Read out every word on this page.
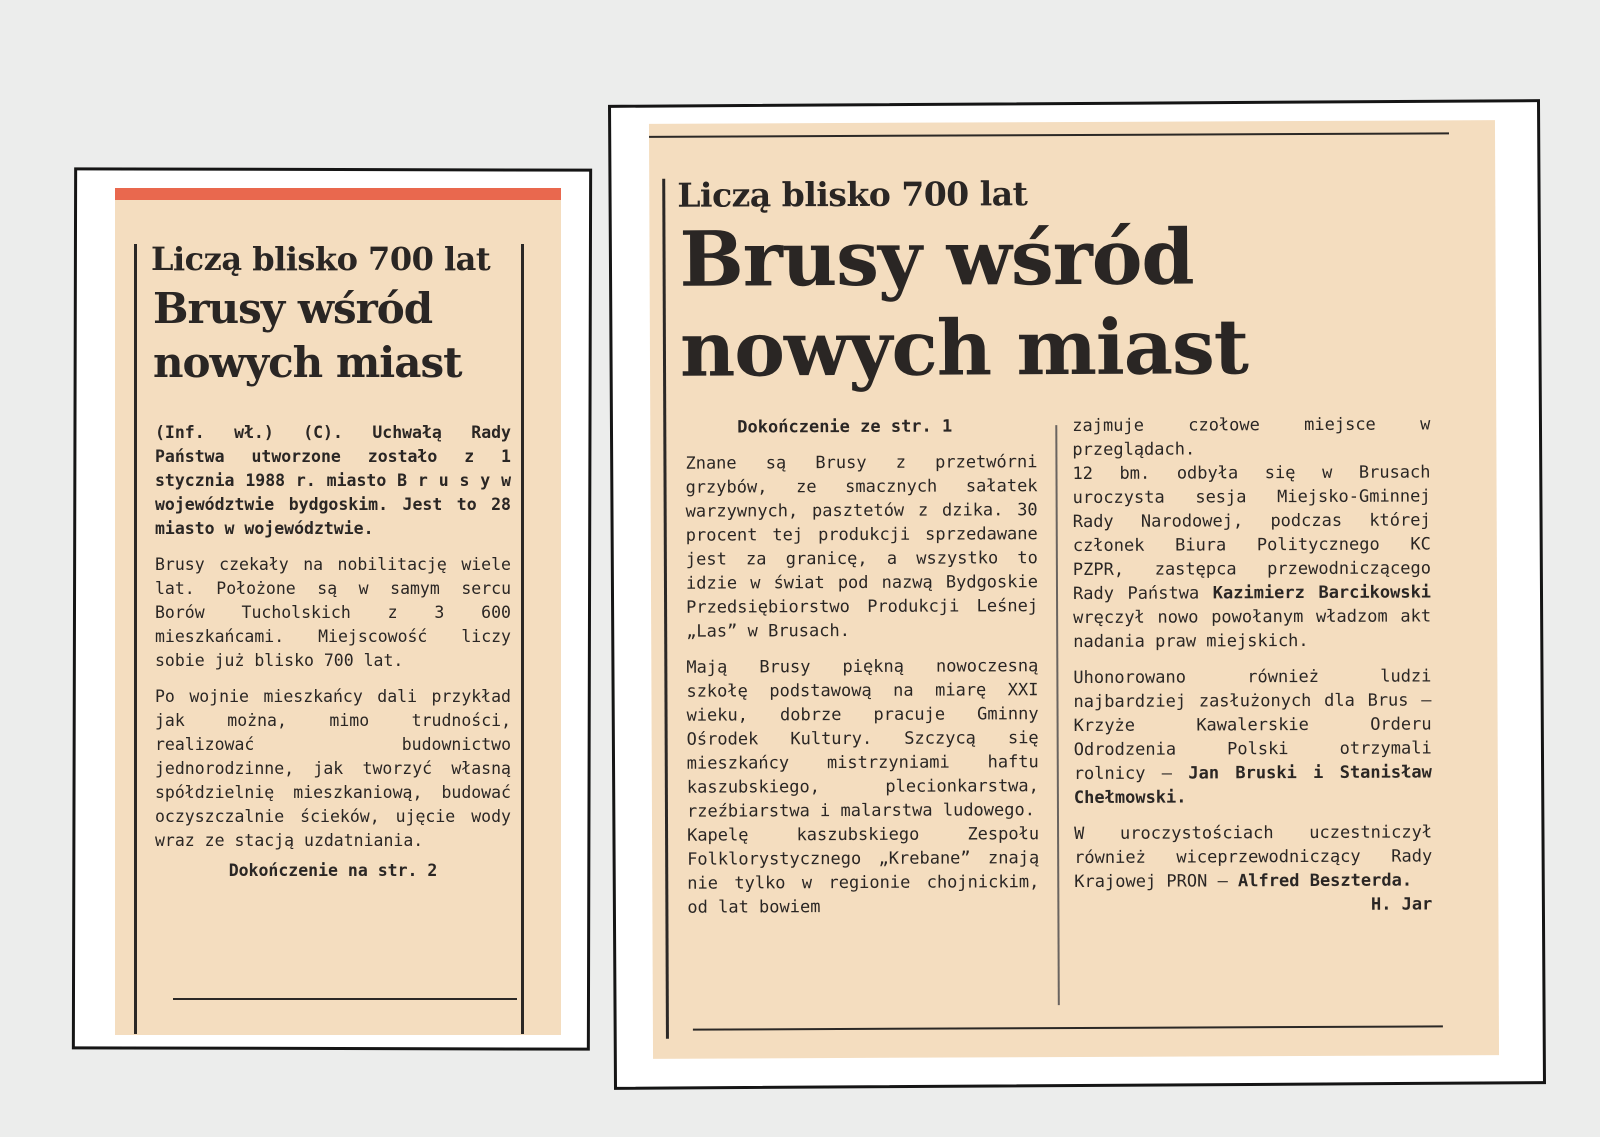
Liczą blisko 700 lat
Brusy wśród
nowych miast

(Inf. wł.) (C). Uchwałą Rady Państwa utworzone zostało z 1 stycznia 1988 r. miasto B r u s y w województwie bydgoskim. Jest to 28 miasto w województwie.

Brusy czekały na nobilitację wiele lat. Położone są w samym sercu Borów Tucholskich z 3 600 mieszkańcami. Miejscowość liczy sobie już blisko 700 lat.

Po wojnie mieszkańcy dali przykład jak można, mimo trudności, realizować budownictwo jednorodzinne, jak tworzyć własną spółdzielnię mieszkaniową, budować oczyszczalnie ścieków, ujęcie wody wraz ze stacją uzdatniania.

Dokończenie na str. 2

Liczą blisko 700 lat
Brusy wśród
nowych miast

Dokończenie ze str. 1

Znane są Brusy z przetwórni grzybów, ze smacznych sałatek warzywnych, pasztetów z dzika. 30 procent tej produkcji sprzedawane jest za granicę, a wszystko to idzie w świat pod nazwą Bydgoskie Przedsiębiorstwo Produkcji Leśnej „Las” w Brusach.

Mają Brusy piękną nowoczesną szkołę podstawową na miarę XXI wieku, dobrze pracuje Gminny Ośrodek Kultury. Szczycą się mieszkańcy mistrzyniami haftu kaszubskiego, plecionkarstwa, rzeźbiarstwa i malarstwa ludowego.

Kapelę kaszubskiego Zespołu Folklorystycznego „Krebane” znają nie tylko w regionie chojnickim, od lat bowiem

zajmuje czołowe miejsce w przeglądach.

12 bm. odbyła się w Brusach uroczysta sesja Miejsko-Gminnej Rady Narodowej, podczas której członek Biura Politycznego KC PZPR, zastępca przewodniczącego Rady Państwa Kazimierz Barcikowski wręczył nowo powołanym władzom akt nadania praw miejskich.

Uhonorowano również ludzi najbardziej zasłużonych dla Brus — Krzyże Kawalerskie Orderu Odrodzenia Polski otrzymali rolnicy — Jan Bruski i Stanisław Chełmowski.

W uroczystościach uczestniczył również wiceprzewodniczący Rady Krajowej PRON — Alfred Beszterda.

H. Jar
